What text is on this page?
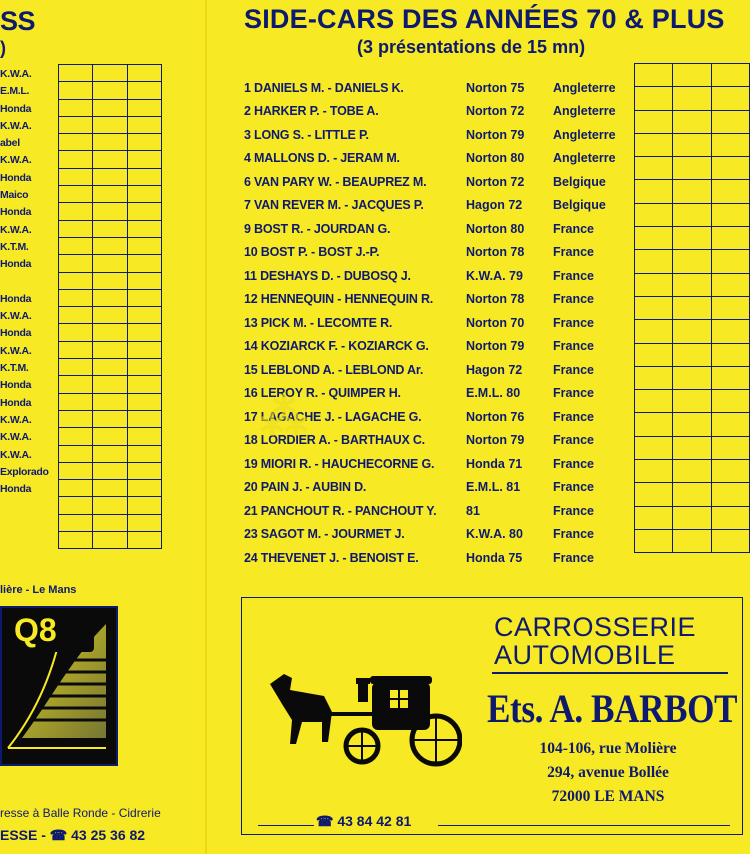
SS
)
K.W.A.
E.M.L.
Honda
K.W.A.
abel
K.W.A.
Honda
Maico
Honda
K.W.A.
K.T.M.
Honda
Honda
K.W.A.
Honda
K.W.A.
K.T.M.
Honda
Honda
K.W.A.
K.W.A.
K.W.A.
Explorado
Honda
lière - Le Mans
Q8
resse à Balle Ronde - Cidrerie
ESSE - ☎ 43 25 36 82
SIDE-CARS DES ANNÉES 70 & PLUS
(3 présentations de 15 mn)
1 DANIELS M. - DANIELS K.	Norton 75	Angleterre
2 HARKER P. - TOBE A.	Norton 72	Angleterre
3 LONG S. - LITTLE P.	Norton 79	Angleterre
4 MALLONS D. - JERAM M.	Norton 80	Angleterre
6 VAN PARY W. - BEAUPREZ M.	Norton 72	Belgique
7 VAN REVER M. - JACQUES P.	Hagon 72	Belgique
9 BOST R. - JOURDAN G.	Norton 80	France
10 BOST P. - BOST J.-P.	Norton 78	France
11 DESHAYS D. - DUBOSQ J.	K.W.A. 79	France
12 HENNEQUIN - HENNEQUIN R.	Norton 78	France
13 PICK M. - LECOMTE R.	Norton 70	France
14 KOZIARCK F. - KOZIARCK G.	Norton 79	France
15 LEBLOND A. - LEBLOND Ar.	Hagon 72	France
16 LEROY R. - QUIMPER H.	E.M.L. 80	France
17 LAGACHE J. - LAGACHE G.	Norton 76	France
18 LORDIER A. - BARTHAUX C.	Norton 79	France
19 MIORI R. - HAUCHECORNE G.	Honda 71	France
20 PAIN J. - AUBIN D.	E.M.L. 81	France
21 PANCHOUT R. - PANCHOUT Y.	81	France
23 SAGOT M. - JOURMET J.	K.W.A. 80	France
24 THEVENET J. - BENOIST E.	Honda 75	France
⁂
CARROSSERIE
AUTOMOBILE
Ets. A. BARBOT
104-106, rue Molière
294, avenue Bollée
72000 LE MANS
☎ 43 84 42 81
